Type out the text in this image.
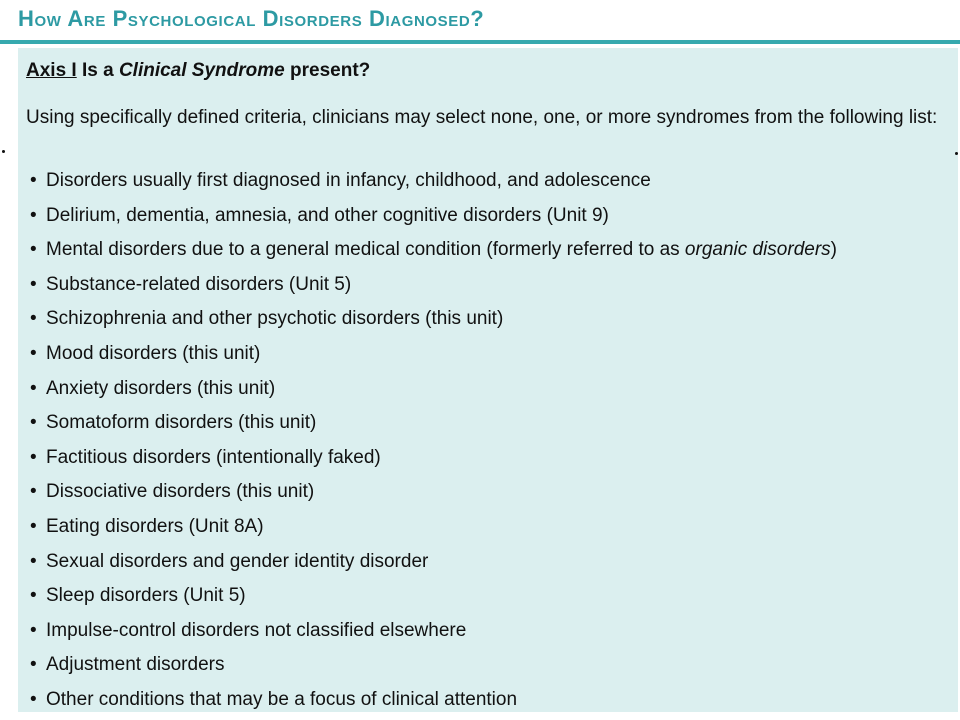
How Are Psychological Disorders Diagnosed?
Axis I Is a Clinical Syndrome present?
Using specifically defined criteria, clinicians may select none, one, or more syndromes from the following list:
• Disorders usually first diagnosed in infancy, childhood, and adolescence
• Delirium, dementia, amnesia, and other cognitive disorders (Unit 9)
• Mental disorders due to a general medical condition (formerly referred to as organic disorders)
• Substance-related disorders (Unit 5)
• Schizophrenia and other psychotic disorders (this unit)
• Mood disorders (this unit)
• Anxiety disorders (this unit)
• Somatoform disorders (this unit)
• Factitious disorders (intentionally faked)
• Dissociative disorders (this unit)
• Eating disorders (Unit 8A)
• Sexual disorders and gender identity disorder
• Sleep disorders (Unit 5)
• Impulse-control disorders not classified elsewhere
• Adjustment disorders
• Other conditions that may be a focus of clinical attention
